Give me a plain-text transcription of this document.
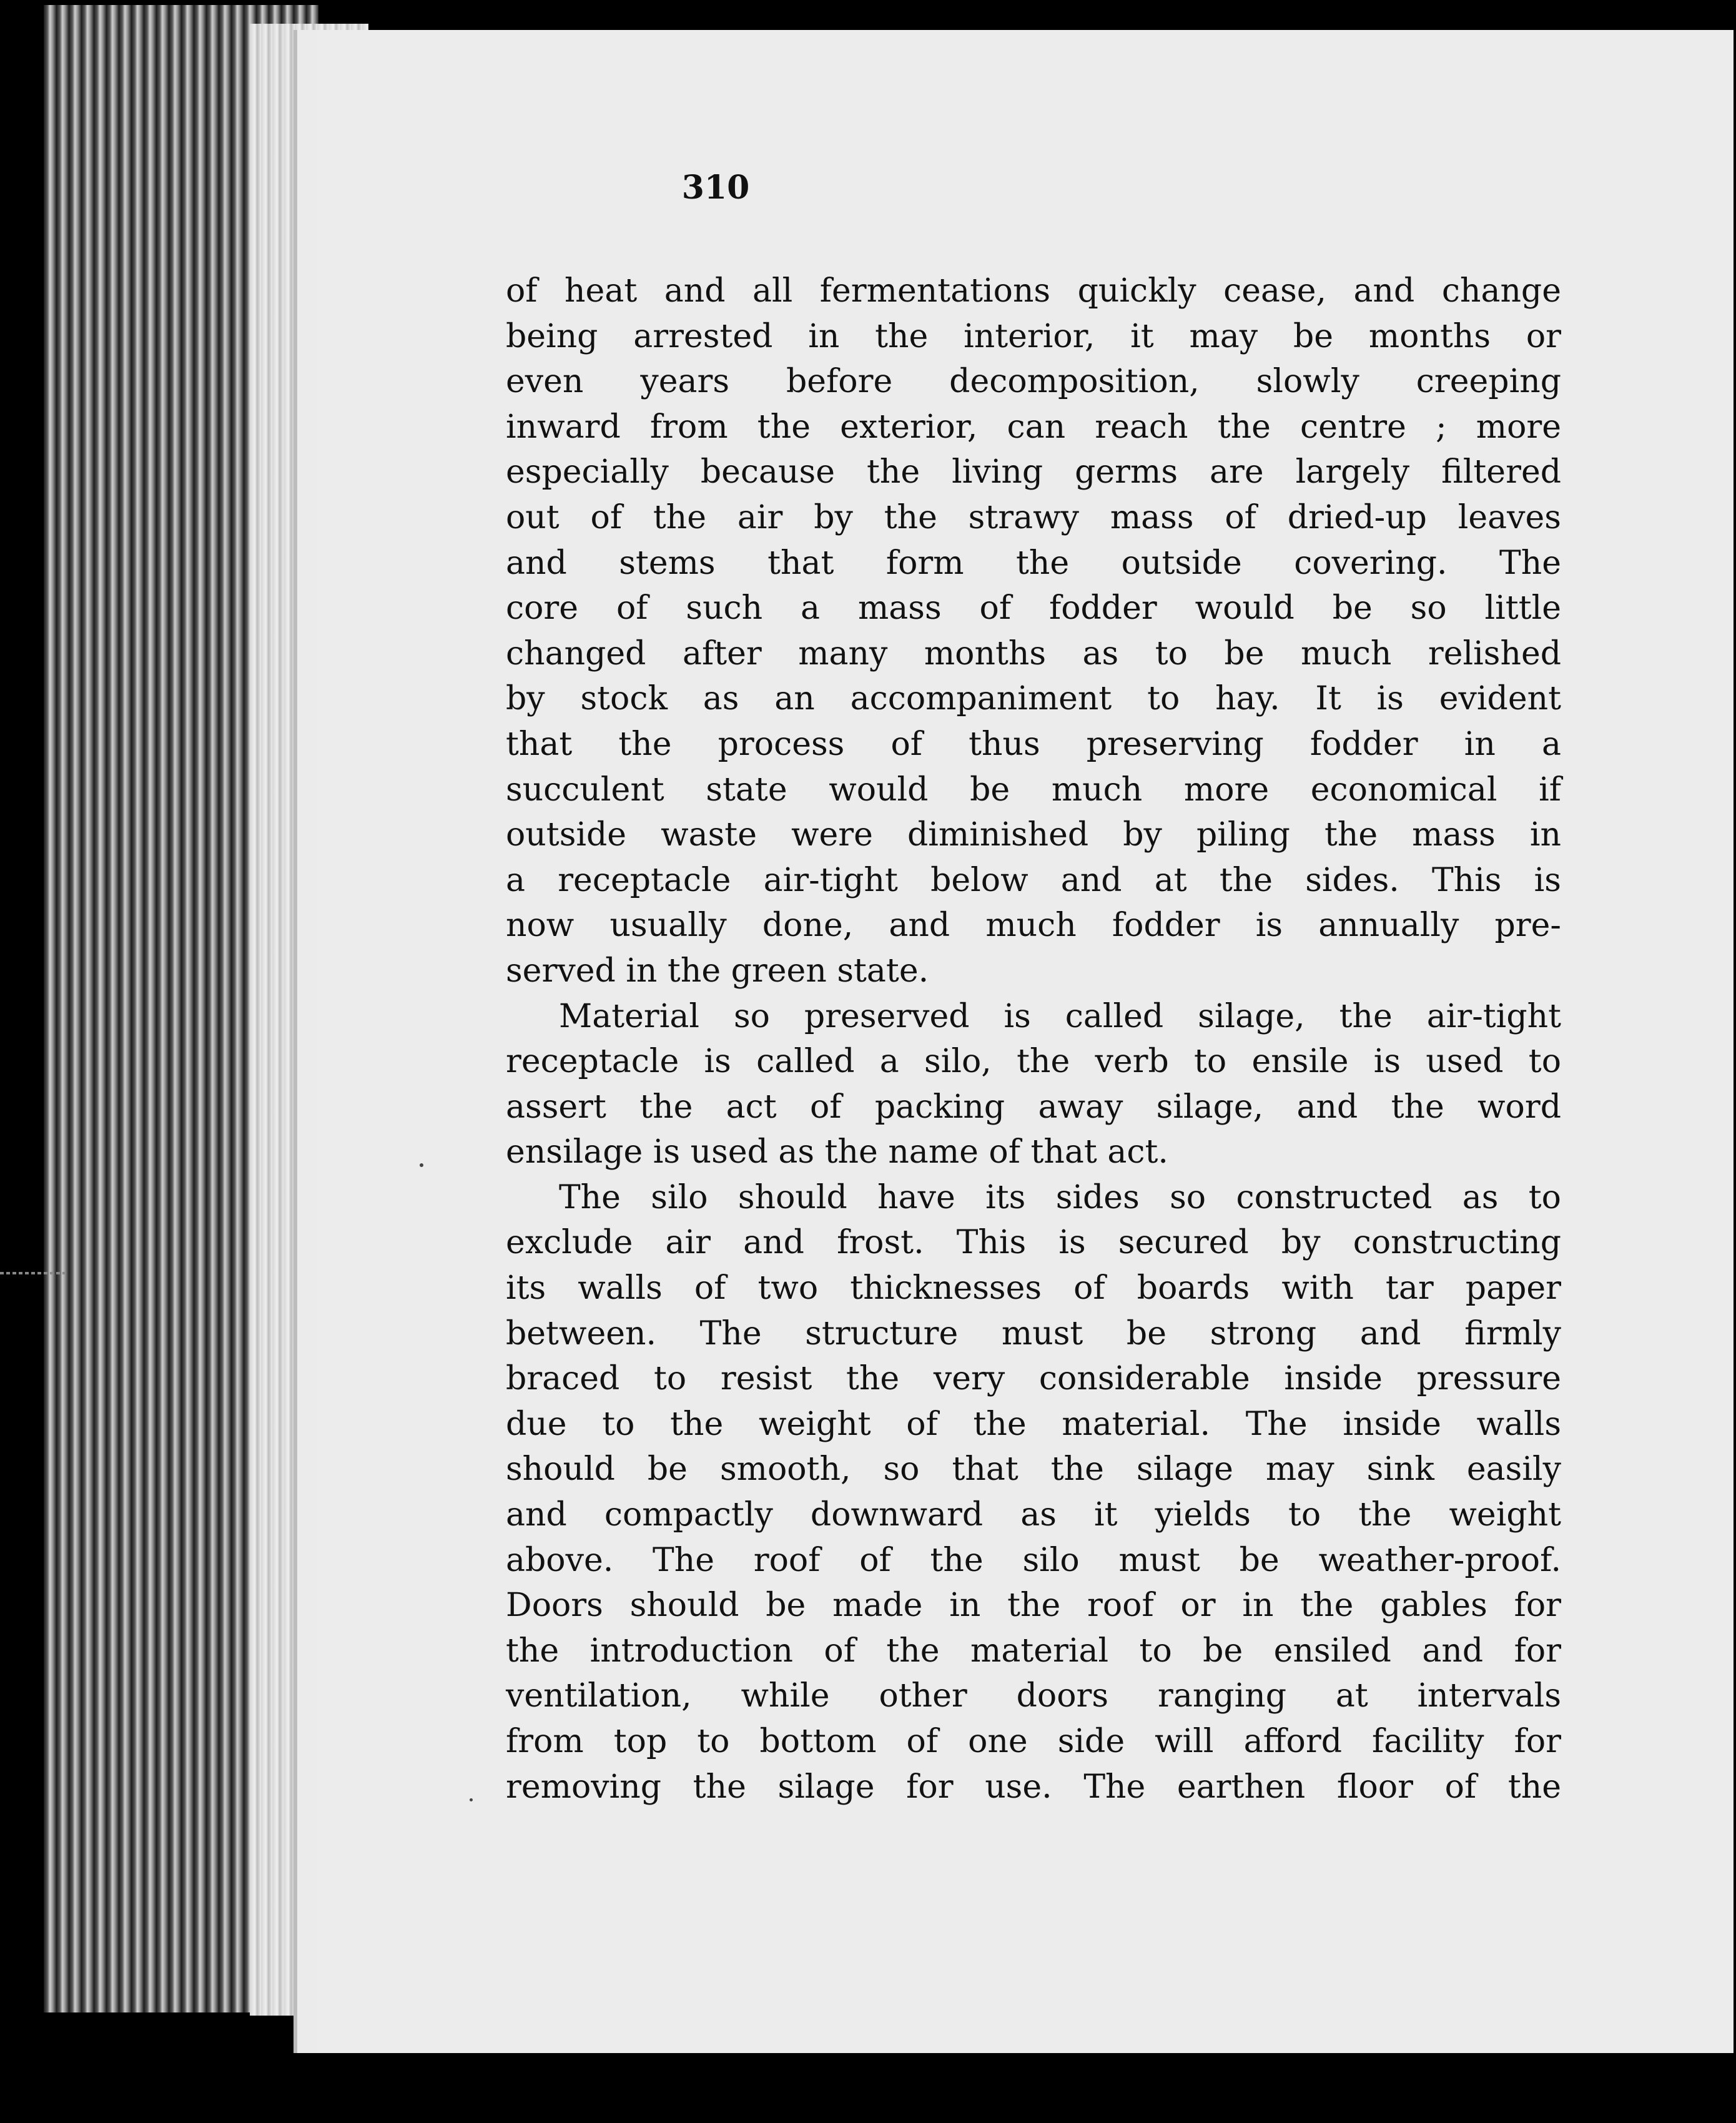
310
of heat and all fermentations quickly cease, and change
being arrested in the interior, it may be months or
even years before decomposition, slowly creeping
inward from the exterior, can reach the centre ; more
especially because the living germs are largely filtered
out of the air by the strawy mass of dried-up leaves
and stems that form the outside covering. The
core of such a mass of fodder would be so little
changed after many months as to be much relished
by stock as an accompaniment to hay. It is evident
that the process of thus preserving fodder in a
succulent state would be much more economical if
outside waste were diminished by piling the mass in
a receptacle air-tight below and at the sides. This is
now usually done, and much fodder is annually pre-
served in the green state.
Material so preserved is called silage, the air-tight
receptacle is called a silo, the verb to ensile is used to
assert the act of packing away silage, and the word
ensilage is used as the name of that act.
The silo should have its sides so constructed as to
exclude air and frost. This is secured by constructing
its walls of two thicknesses of boards with tar paper
between. The structure must be strong and firmly
braced to resist the very considerable inside pressure
due to the weight of the material. The inside walls
should be smooth, so that the silage may sink easily
and compactly downward as it yields to the weight
above. The roof of the silo must be weather-proof.
Doors should be made in the roof or in the gables for
the introduction of the material to be ensiled and for
ventilation, while other doors ranging at intervals
from top to bottom of one side will afford facility for
removing the silage for use. The earthen floor of the
